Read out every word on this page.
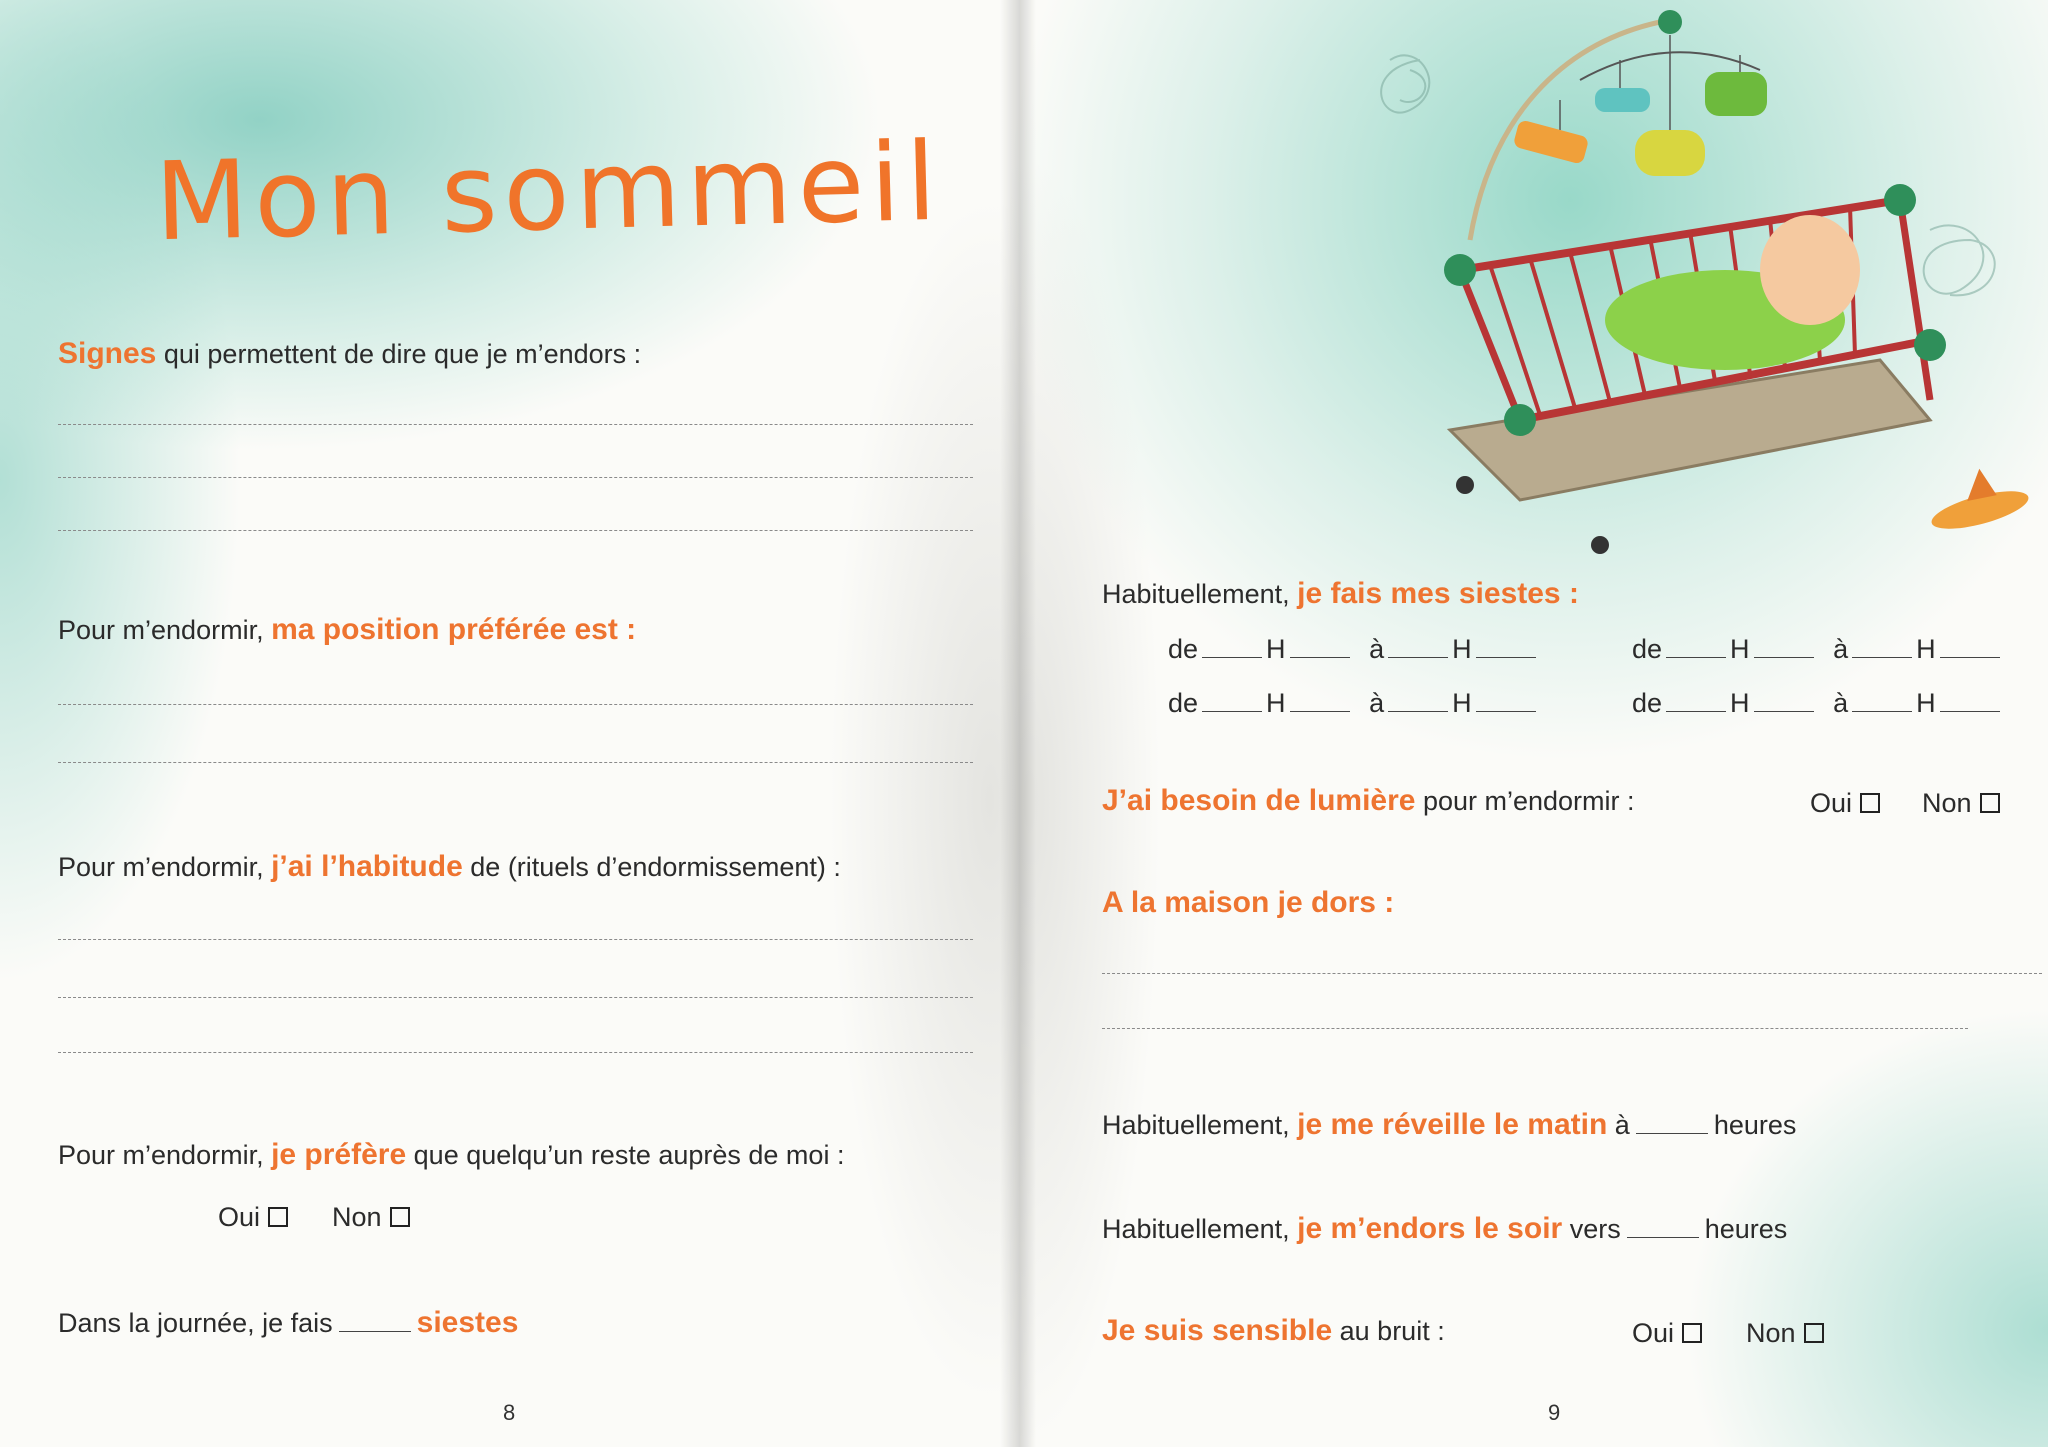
Mon sommeil
Signes qui permettent de dire que je m’endors :
Pour m’endormir, ma position préférée est :
Pour m’endormir, j’ai l’habitude de (rituels d’endormissement) :
Pour m’endormir, je préfère que quelqu’un reste auprès de moi :
Oui	Non
Dans la journée, je fais	siestes
8
Habituellement, je fais mes siestes :
de	H	à	H	de	H	à	H
de	H	à	H	de	H	à	H
J’ai besoin de lumière pour m’endormir :	Oui	Non
A la maison je dors :
Habituellement, je me réveille le matin à	heures
Habituellement, je m’endors le soir vers	heures
Je suis sensible au bruit :	Oui	Non
9
